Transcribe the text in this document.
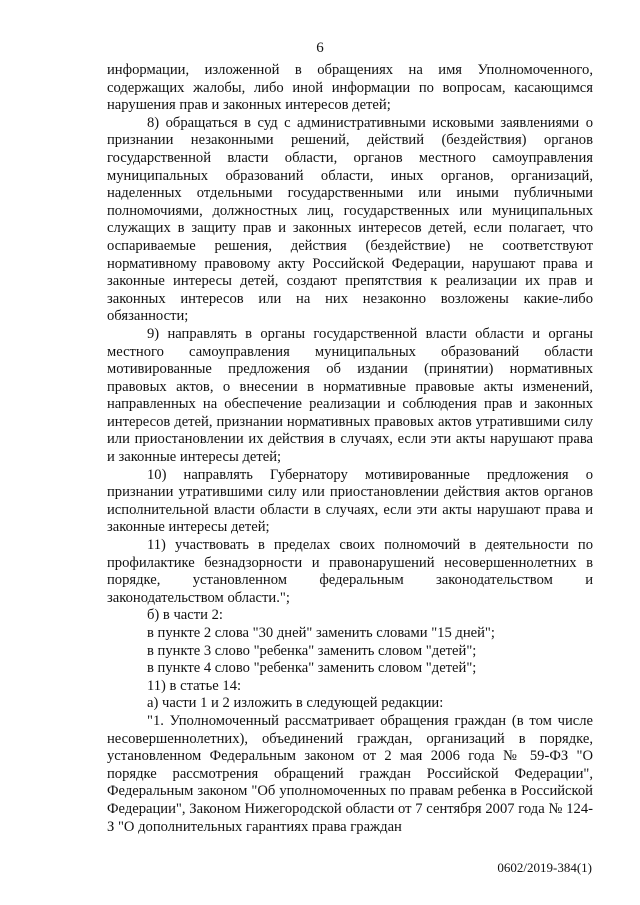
6

информации, изложенной в обращениях на имя Уполномоченного, содержащих жалобы, либо иной информации по вопросам, касающимся нарушения прав и законных интересов детей;

8) обращаться в суд с административными исковыми заявлениями о признании незаконными решений, действий (бездействия) органов государственной власти области, органов местного самоуправления муниципальных образований области, иных органов, организаций, наделенных отдельными государственными или иными публичными полномочиями, должностных лиц, государственных или муниципальных служащих в защиту прав и законных интересов детей, если полагает, что оспариваемые решения, действия (бездействие) не соответствуют нормативному правовому акту Российской Федерации, нарушают права и законные интересы детей, создают препятствия к реализации их прав и законных интересов или на них незаконно возложены какие-либо обязанности;

9) направлять в органы государственной власти области и органы местного самоуправления муниципальных образований области мотивированные предложения об издании (принятии) нормативных правовых актов, о внесении в нормативные правовые акты изменений, направленных на обеспечение реализации и соблюдения прав и законных интересов детей, признании нормативных правовых актов утратившими силу или приостановлении их действия в случаях, если эти акты нарушают права и законные интересы детей;

10) направлять Губернатору мотивированные предложения о признании утратившими силу или приостановлении действия актов органов исполнительной власти области в случаях, если эти акты нарушают права и законные интересы детей;

11) участвовать в пределах своих полномочий в деятельности по профилактике безнадзорности и правонарушений несовершеннолетних в порядке, установленном федеральным законодательством и законодательством области.";

б) в части 2:

в пункте 2 слова "30 дней" заменить словами "15 дней";

в пункте 3 слово "ребенка" заменить словом "детей";

в пункте 4 слово "ребенка" заменить словом "детей";

11) в статье 14:

а) части 1 и 2 изложить в следующей редакции:

"1. Уполномоченный рассматривает обращения граждан (в том числе несовершеннолетних), объединений граждан, организаций в порядке, установленном Федеральным законом от 2 мая 2006 года № 59-ФЗ "О порядке рассмотрения обращений граждан Российской Федерации", Федеральным законом "Об уполномоченных по правам ребенка в Российской Федерации", Законом Нижегородской области от 7 сентября 2007 года № 124-З "О дополнительных гарантиях права граждан

0602/2019-384(1)
